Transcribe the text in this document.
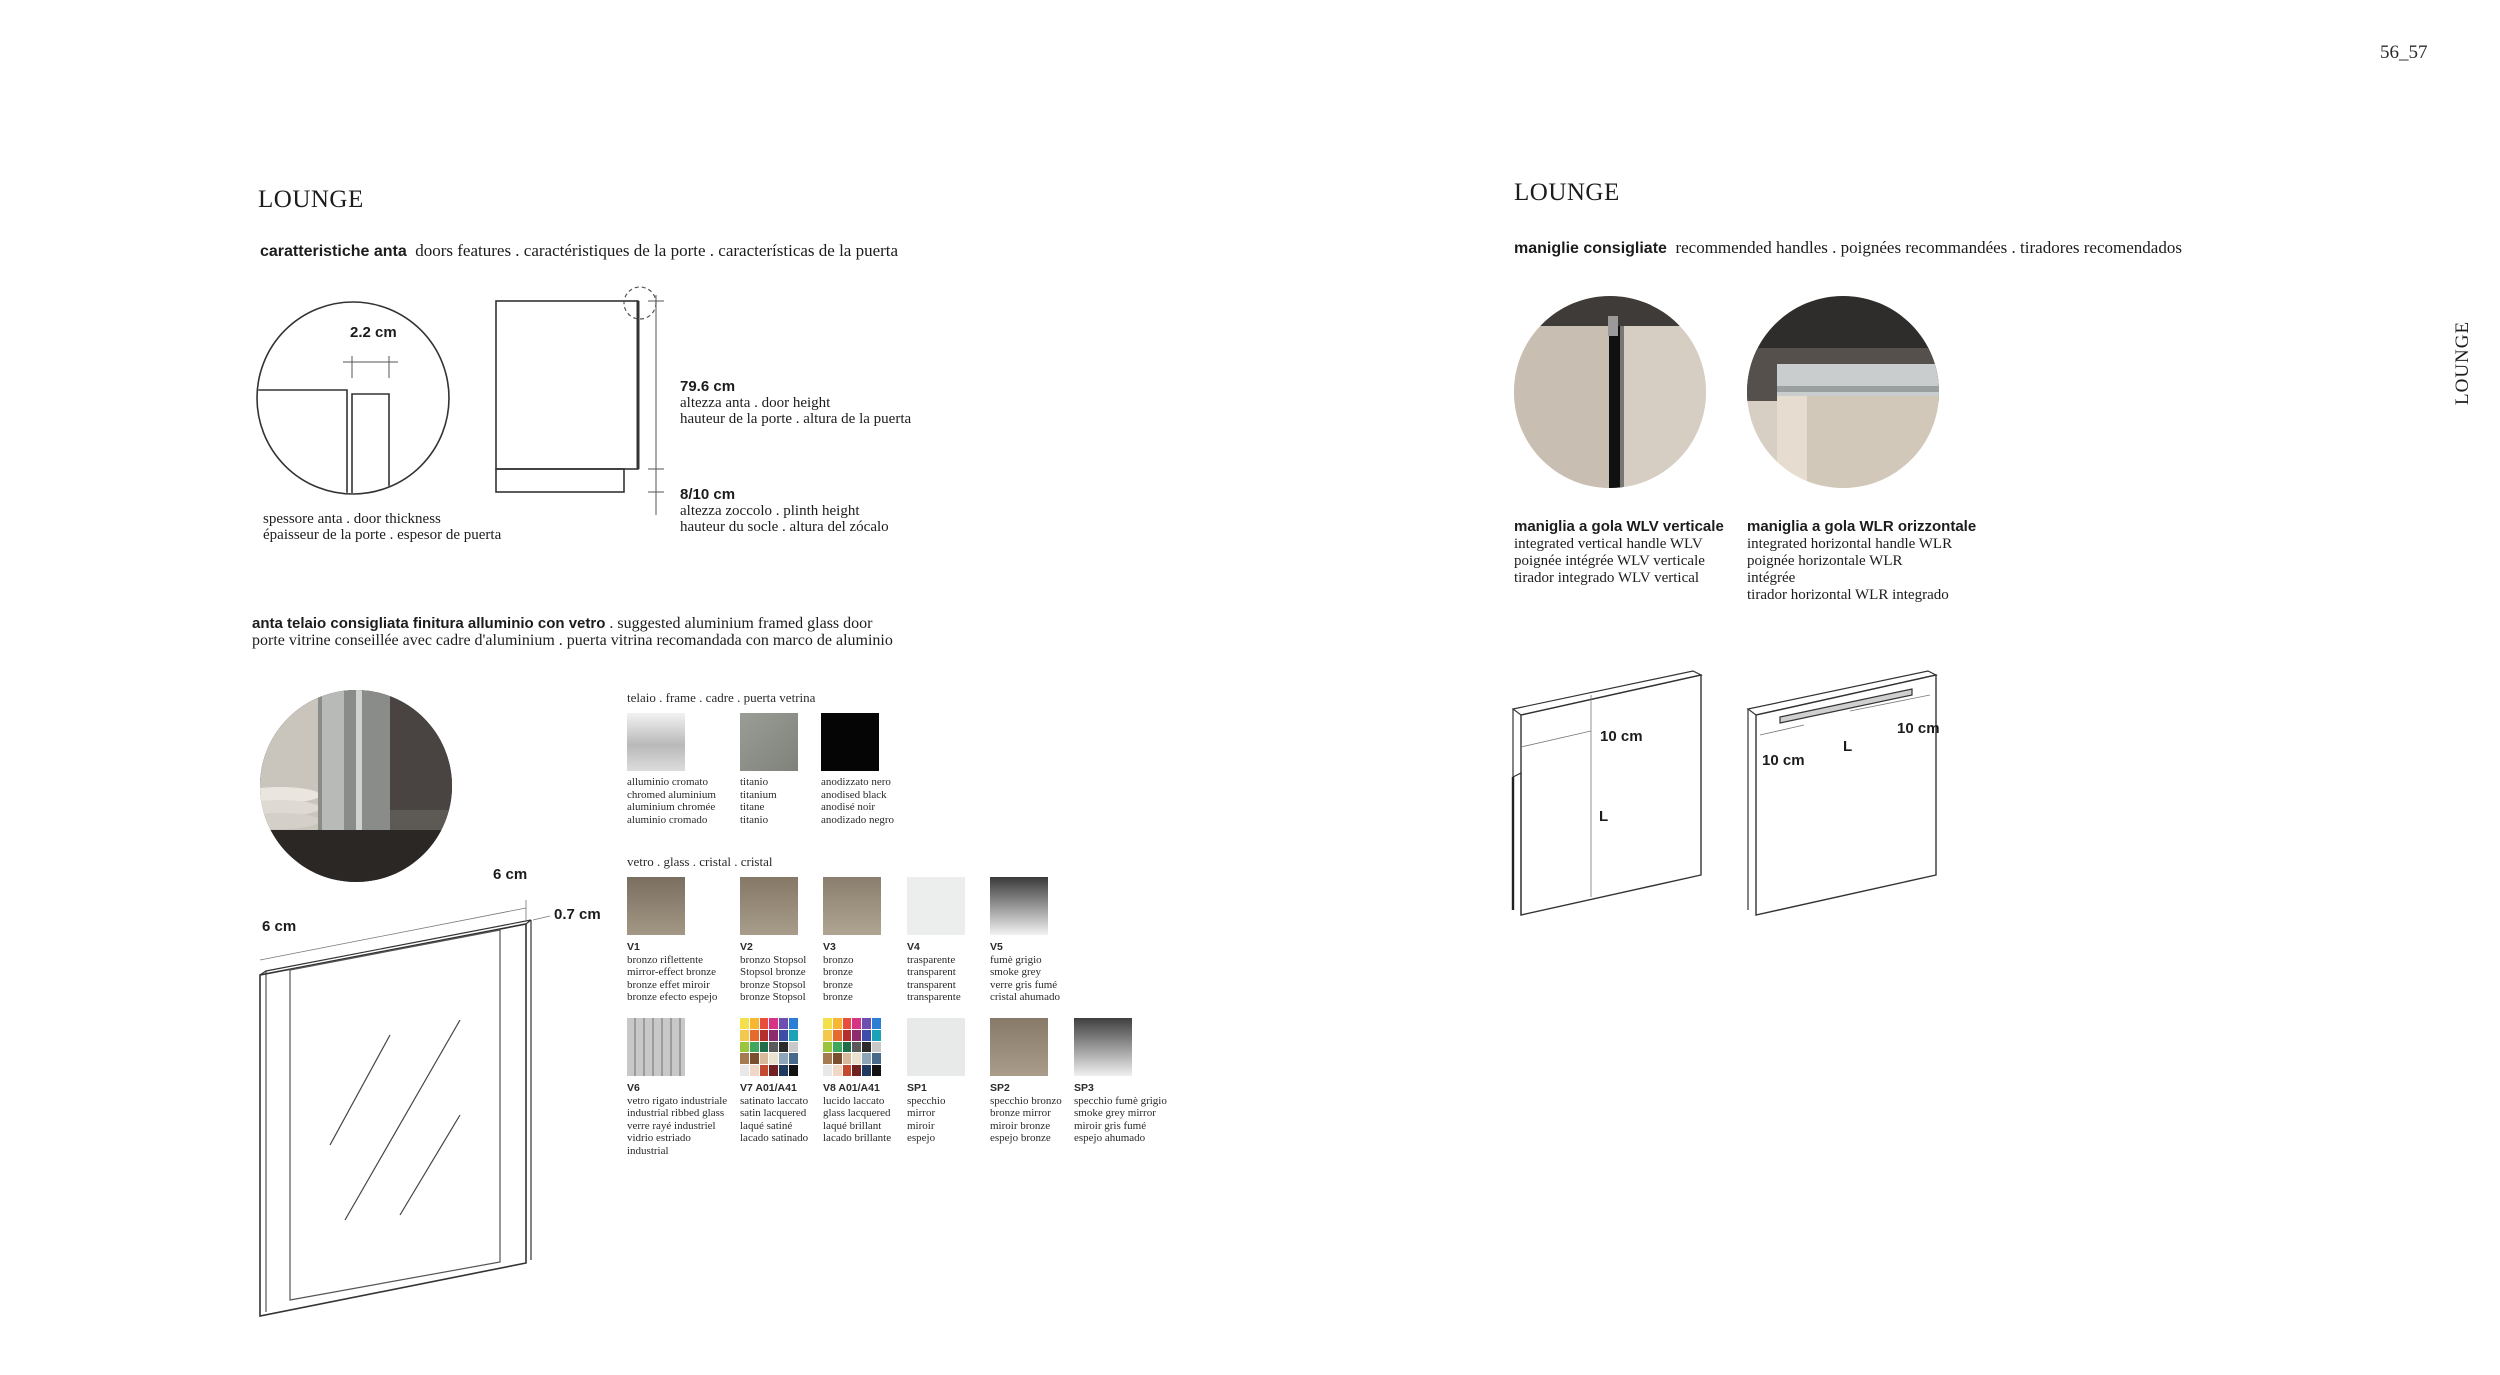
56_57
LOUNGE
LOUNGE
caratteristiche anta doors features . caractéristiques de la porte . características de la puerta
2.2 cm
spessore anta . door thickness
épaisseur de la porte . espesor de puerta
79.6 cm
altezza anta . door height
hauteur de la porte . altura de la puerta
8/10 cm
altezza zoccolo . plinth height
hauteur du socle . altura del zócalo
anta telaio consigliata finitura alluminio con vetro . suggested aluminium framed glass door
porte vitrine conseillée avec cadre d'aluminium . puerta vitrina recomandada con marco de aluminio
6 cm
6 cm
0.7 cm
telaio . frame . cadre . puerta vetrina
alluminio cromato
chromed aluminium
aluminium chromée
aluminio cromado
titanio
titanium
titane
titanio
anodizzato nero
anodised black
anodisé noir
anodizado negro
vetro . glass . cristal . cristal
V1
bronzo riflettente
mirror-effect bronze
bronze effet miroir
bronze efecto espejo
V2
bronzo Stopsol
Stopsol bronze
bronze Stopsol
bronze Stopsol
V3
bronzo
bronze
bronze
bronze
V4
trasparente
transparent
transparent
transparente
V5
fumè grigio
smoke grey
verre gris fumé
cristal ahumado
V6
vetro rigato industriale
industrial ribbed glass
verre rayé industriel
vidrio estriado
industrial
V7 A01/A41
satinato laccato
satin lacquered
laqué satiné
lacado satinado
V8 A01/A41
lucido laccato
glass lacquered
laqué brillant
lacado brillante
SP1
specchio
mirror
miroir
espejo
SP2
specchio bronzo
bronze mirror
miroir bronze
espejo bronze
SP3
specchio fumè grigio
smoke grey mirror
miroir gris fumé
espejo ahumado
LOUNGE
maniglie consigliate recommended handles . poignées recommandées . tiradores recomendados
maniglia a gola WLV verticale
integrated vertical handle WLV
poignée intégrée WLV verticale
tirador integrado WLV vertical
maniglia a gola WLR orizzontale
integrated horizontal handle WLR
poignée horizontale WLR
intégrée
tirador horizontal WLR integrado
10 cm
L
10 cm
10 cm
L
